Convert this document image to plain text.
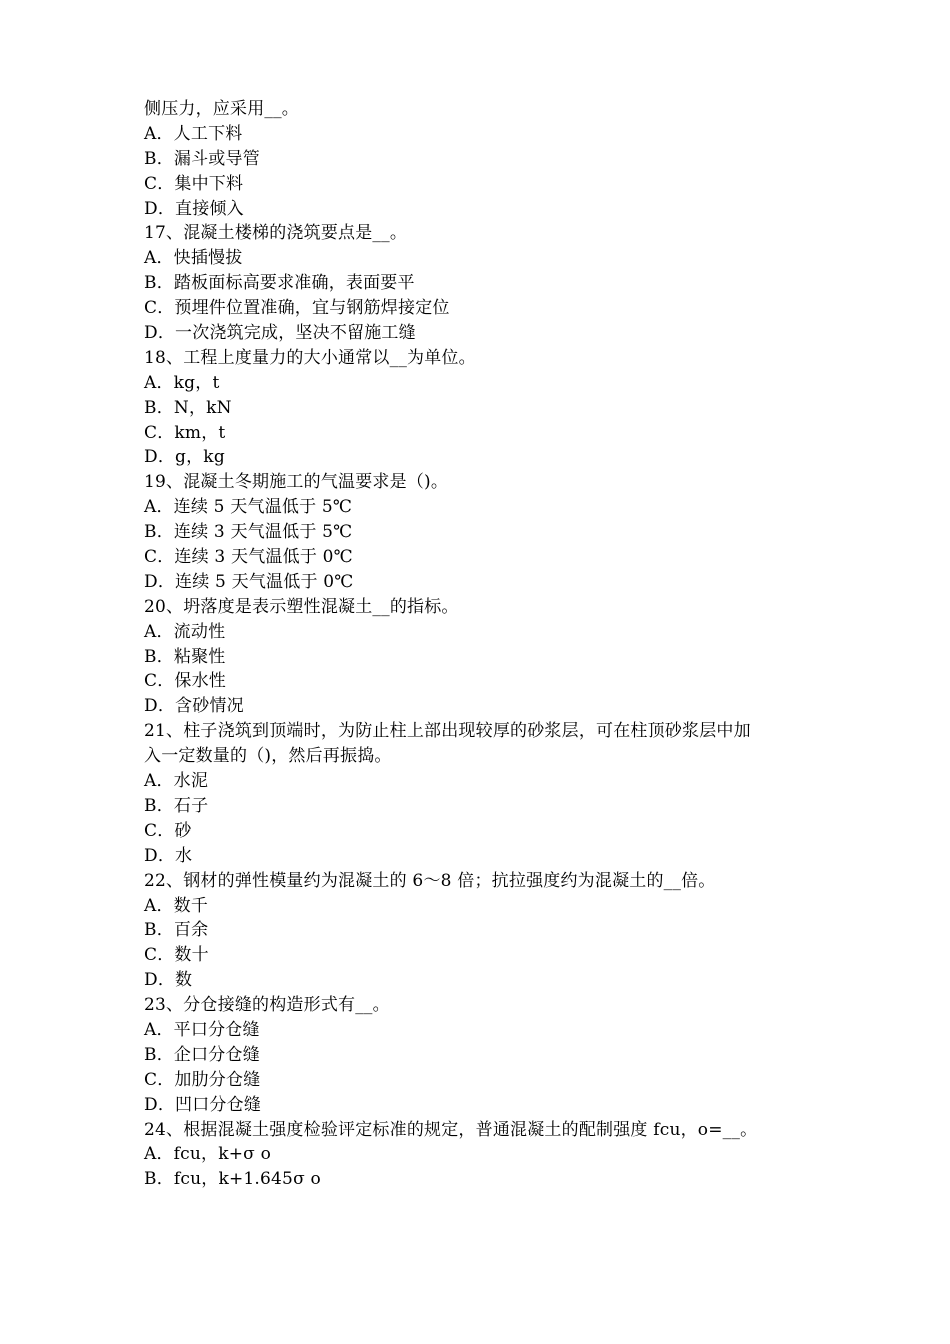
侧压力，应采用__。
A．人工下料
B．漏斗或导管
C．集中下料
D．直接倾入
17、混凝土楼梯的浇筑要点是__。
A．快插慢拔
B．踏板面标高要求准确，表面要平
C．预埋件位置准确，宜与钢筋焊接定位
D．一次浇筑完成，坚决不留施工缝
18、工程上度量力的大小通常以__为单位。
A．kg，t
B．N，kN
C．km，t
D．g，kg
19、混凝土冬期施工的气温要求是（)。
A．连续 5 天气温低于 5℃
B．连续 3 天气温低于 5℃
C．连续 3 天气温低于 0℃
D．连续 5 天气温低于 0℃
20、坍落度是表示塑性混凝土__的指标。
A．流动性
B．粘聚性
C．保水性
D．含砂情况
21、柱子浇筑到顶端时，为防止柱上部出现较厚的砂浆层，可在柱顶砂浆层中加
入一定数量的（)，然后再振捣。
A．水泥
B．石子
C．砂
D．水
22、钢材的弹性模量约为混凝土的 6～8 倍；抗拉强度约为混凝土的__倍。
A．数千
B．百余
C．数十
D．数
23、分仓接缝的构造形式有__。
A．平口分仓缝
B．企口分仓缝
C．加肋分仓缝
D．凹口分仓缝
24、根据混凝土强度检验评定标准的规定，普通混凝土的配制强度 fcu，o=__。
A．fcu，k+σ o
B．fcu，k+1.645σ o
